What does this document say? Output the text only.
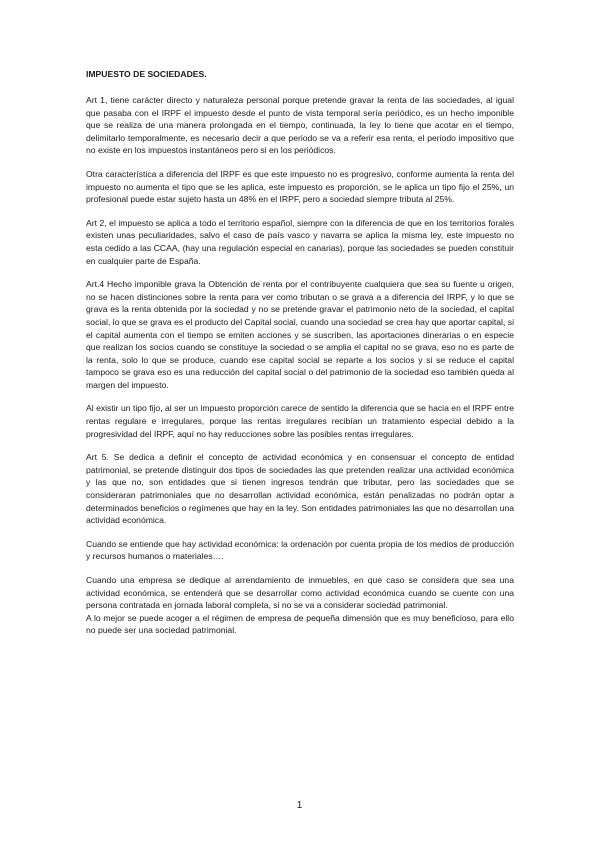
IMPUESTO DE SOCIEDADES.

Art 1, tiene carácter directo y naturaleza personal porque pretende gravar la renta de las sociedades, al igual que pasaba con el IRPF el impuesto desde el punto de vista temporal sería periódico, es un hecho imponible que se realiza de una manera prolongada en el tiempo, continuada, la ley lo tiene que acotar en el tiempo, delimitarlo temporalmente, es necesario decir a que periodo se va a referir esa renta, el periodo impositivo que no existe en los impuestos instantáneos pero si en los periódicos.

Otra característica a diferencia del IRPF es que este impuesto no es progresivo, conforme aumenta la renta del impuesto no aumenta el tipo que se les aplica, este impuesto es proporción, se le aplica un tipo fijo el 25%, un profesional puede estar sujeto hasta un 48% en el IRPF, pero a sociedad siempre tributa al 25%.

Art 2, el impuesto se aplica a todo el territorio español, siempre con la diferencia de que en los territorios forales existen unas peculiaridades, salvo el caso de país vasco y navarra se aplica la misma ley, este impuesto no esta cedido a las CCAA, (hay una regulación especial en canarias), porque las sociedades se pueden constituir en cualquier parte de España.

Art.4 Hecho imponible grava la Obtención de renta por el contribuyente cualquiera que sea su fuente u origen, no se hacen distinciones sobre la renta para ver como tributan o se grava a a diferencia del IRPF, y lo que se grava es la renta obtenida por la sociedad y no se pretende gravar el patrimonio neto de la sociedad, el capital social, lo que se grava es el producto del Capital social, cuando una sociedad se crea hay que aportar capital, si el capital aumenta con el tiempo se emiten acciones y se suscriben, las aportaciones dinerarias o en especie que realizan los socios cuando se constituye la sociedad o se amplia el capital no se grava, eso no es parte de la renta, solo lo que se produce, cuando ese capital social se reparte a los socios y si se reduce el capital tampoco se grava eso es una reducción del capital social o del patrimonio de la sociedad eso también queda al margen del impuesto.

Al existir un tipo fijo, al ser un impuesto proporción carece de sentido la diferencia que se hacia en el IRPF entre rentas regulare e irregulares, porque las rentas irregulares recibían un tratamiento especial debido a la progresividad del IRPF, aquí no hay reducciones sobre las posibles rentas irregulares.

Art 5. Se dedica a definir el concepto de actividad económica y en consensuar el concepto de entidad patrimonial, se pretende distinguir dos tipos de sociedades las que pretenden realizar una actividad económica y las que no, son entidades que si tienen ingresos tendrán que tributar, pero las sociedades que se consideraran patrimoniales que no desarrollan actividad económica, están penalizadas no podrán optar a determinados beneficios o regímenes que hay en la ley. Son entidades patrimoniales las que no desarrollan una actividad económica.

Cuando se entiende que hay actividad económica: la ordenación por cuenta propia de los medios de producción y recursos humanos o materiales….

Cuando una empresa se dedique al arrendamiento de inmuebles, en que caso se considera que sea una actividad económica, se entenderá que se desarrollar como actividad económica cuando se cuente con una persona contratada en jornada laboral completa, si no se va a considerar sociedad patrimonial.

A lo mejor se puede acoger a el régimen de empresa de pequeña dimensión que es muy beneficioso, para ello no puede ser una sociedad patrimonial.

1
